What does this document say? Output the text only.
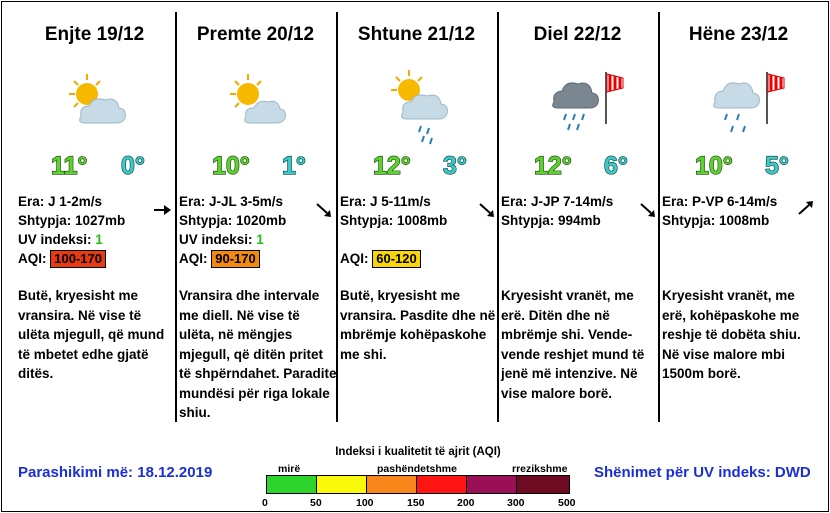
Enjte 19/12
11° 0°
Era: J 1-2m/s
Shtypja: 1027mb
UV indeksi: 1
AQI: 100-170
Butë, kryesisht me vransira. Në vise të ulëta mjegull, që mund të mbetet edhe gjatë ditës.
Premte 20/12
10° 1°
Era: J-JL 3-5m/s
Shtypja: 1020mb
UV indeksi: 1
AQI: 90-170
Vransira dhe intervale me diell. Në vise të ulëta, në mëngjes mjegull, që ditën pritet të shpërndahet. Paradite mundësi për riga lokale shiu.
Shtune 21/12
12° 3°
Era: J 5-11m/s
Shtypja: 1008mb
AQI: 60-120
Butë, kryesisht me vransira. Pasdite dhe në mbrëmje kohëpaskohe me shi.
Diel 22/12
12° 6°
Era: J-JP 7-14m/s
Shtypja: 994mb
Kryesisht vranët, me erë. Ditën dhe në mbrëmje shi. Vende-vende reshjet mund të jenë më intenzive. Në vise malore borë.
Hëne 23/12
10° 5°
Era: P-VP 6-14m/s
Shtypja: 1008mb
Kryesisht vranët, me erë, kohëpaskohe me reshje të dobëta shiu. Në vise malore mbi 1500m borë.
Parashikimi më: 18.12.2019	Shënimet për UV indeks: DWD
Indeksi i kualitetit të ajrit (AQI)
mirë	pashëndetshme	rrezikshme
0	50	100	150	200	300	500
